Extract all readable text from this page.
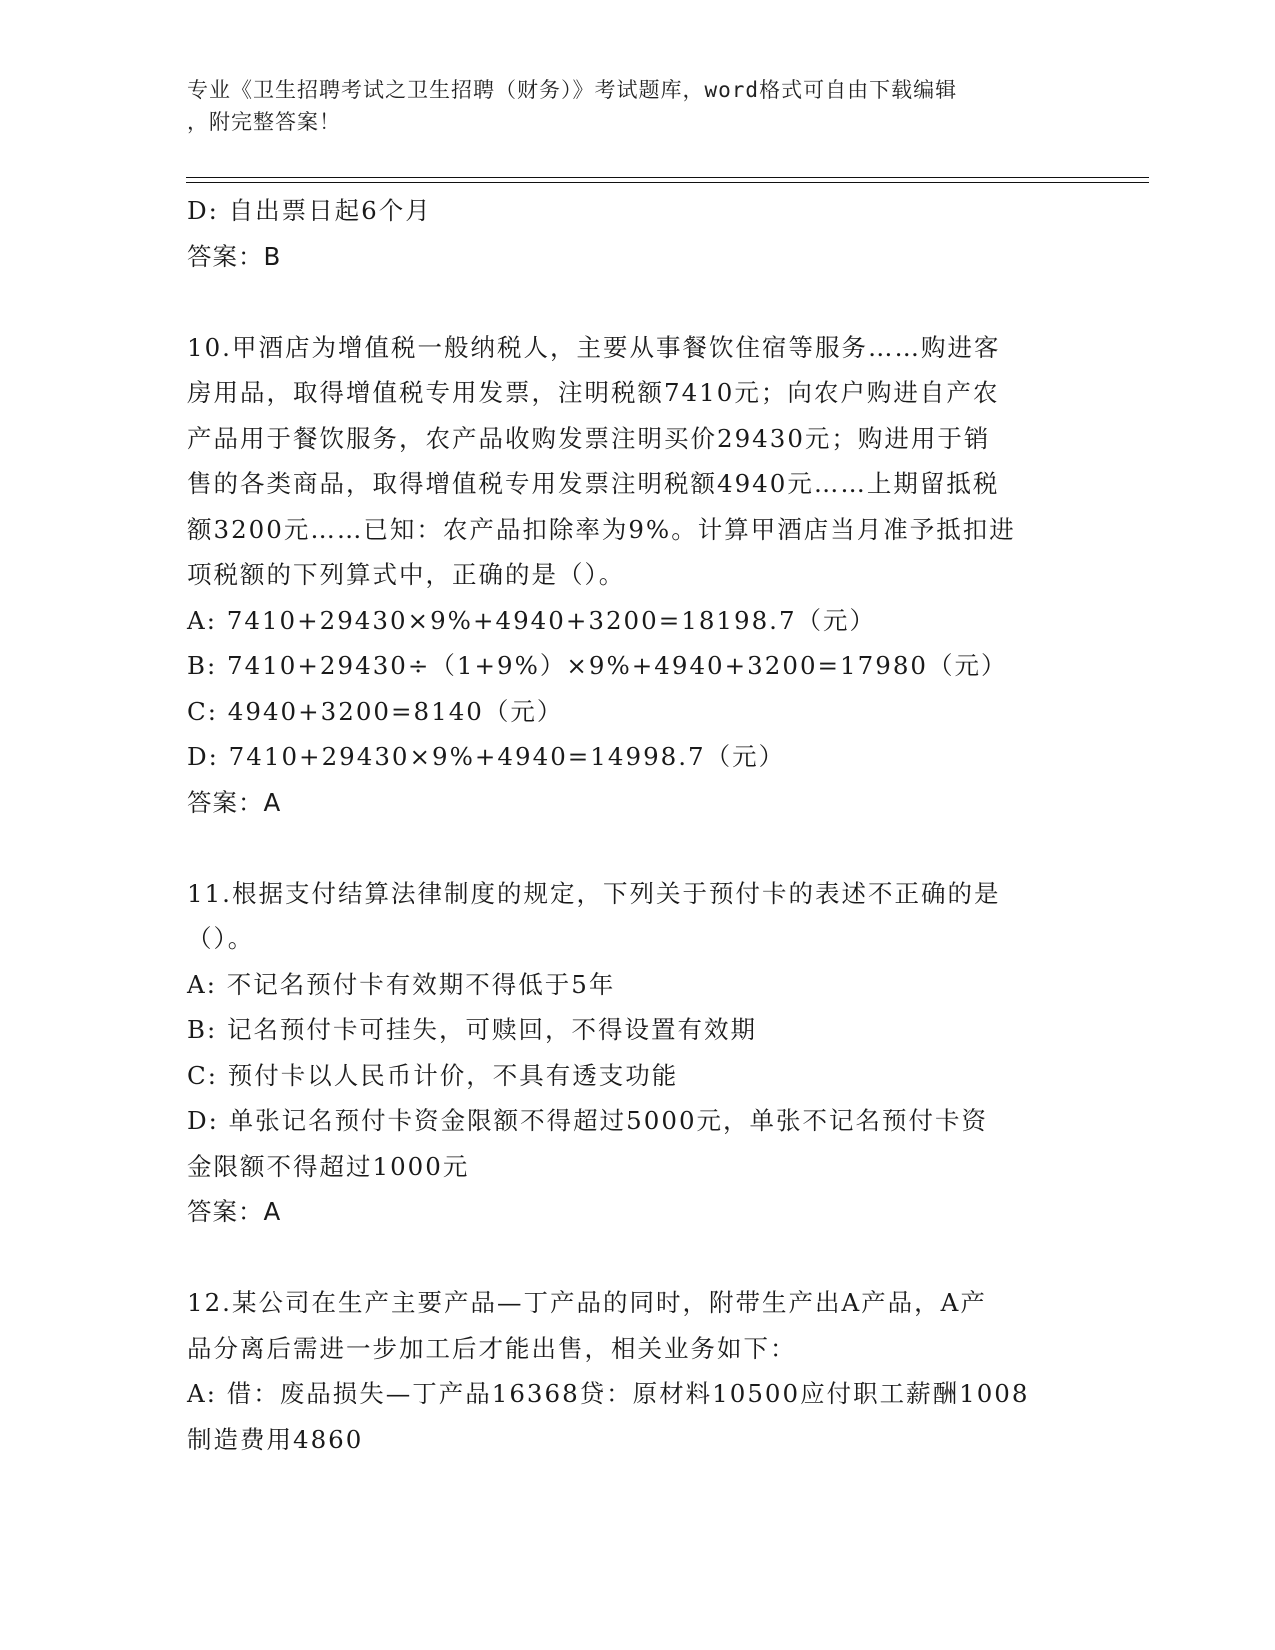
专业《卫生招聘考试之卫生招聘（财务）》考试题库，word格式可自由下载编辑
，附完整答案！
D: 自出票日起6个月
答案：B
10.甲酒店为增值税一般纳税人，主要从事餐饮住宿等服务……购进客
房用品，取得增值税专用发票，注明税额7410元；向农户购进自产农
产品用于餐饮服务，农产品收购发票注明买价29430元；购进用于销
售的各类商品，取得增值税专用发票注明税额4940元……上期留抵税
额3200元……已知：农产品扣除率为9%。计算甲酒店当月准予抵扣进
项税额的下列算式中，正确的是（）。
A: 7410+29430×9%+4940+3200=18198.7（元）
B: 7410+29430÷（1+9%）×9%+4940+3200=17980（元）
C: 4940+3200=8140（元）
D: 7410+29430×9%+4940=14998.7（元）
答案：A
11.根据支付结算法律制度的规定，下列关于预付卡的表述不正确的是
（）。
A: 不记名预付卡有效期不得低于5年
B: 记名预付卡可挂失，可赎回，不得设置有效期
C: 预付卡以人民币计价，不具有透支功能
D: 单张记名预付卡资金限额不得超过5000元，单张不记名预付卡资
金限额不得超过1000元
答案：A
12.某公司在生产主要产品—丁产品的同时，附带生产出A产品，A产
品分离后需进一步加工后才能出售，相关业务如下：
A: 借：废品损失—丁产品16368贷：原材料10500应付职工薪酬1008
制造费用4860
